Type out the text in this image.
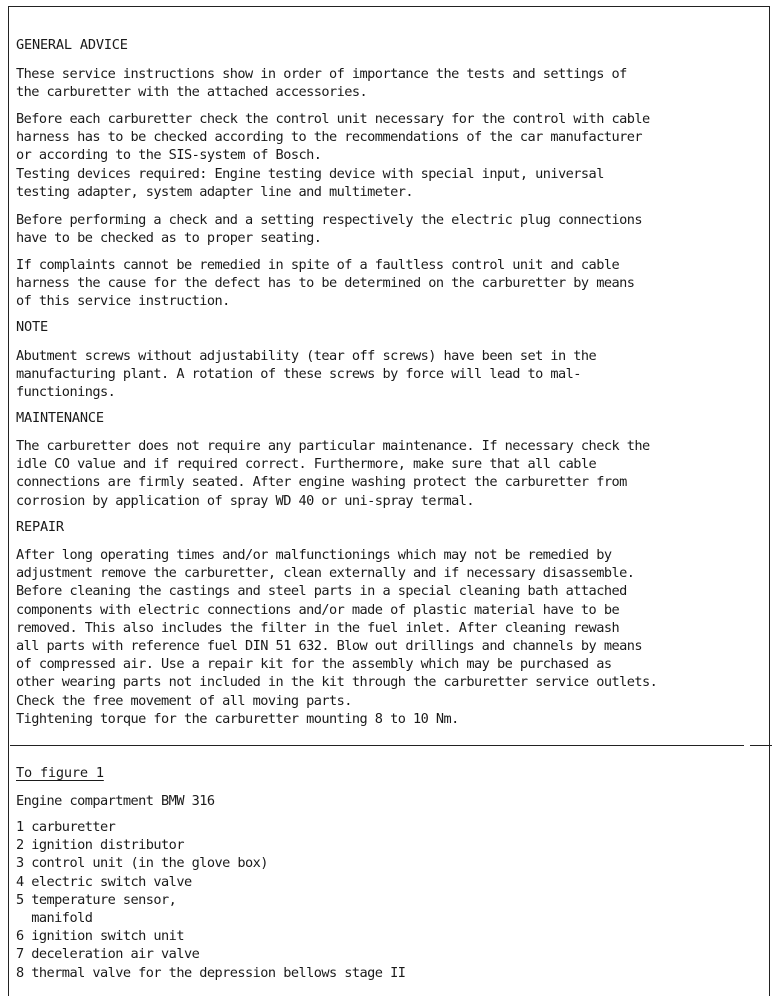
GENERAL ADVICE

These service instructions show in order of importance the tests and settings of
the carburetter with the attached accessories.

Before each carburetter check the control unit necessary for the control with cable
harness has to be checked according to the recommendations of the car manufacturer
or according to the SIS-system of Bosch.
Testing devices required: Engine testing device with special input, universal
testing adapter, system adapter line and multimeter.

Before performing a check and a setting respectively the electric plug connections
have to be checked as to proper seating.

If complaints cannot be remedied in spite of a faultless control unit and cable
harness the cause for the defect has to be determined on the carburetter by means
of this service instruction.

NOTE

Abutment screws without adjustability (tear off screws) have been set in the
manufacturing plant. A rotation of these screws by force will lead to mal-
functionings.

MAINTENANCE

The carburetter does not require any particular maintenance. If necessary check the
idle CO value and if required correct. Furthermore, make sure that all cable
connections are firmly seated. After engine washing protect the carburetter from
corrosion by application of spray WD 40 or uni-spray termal.

REPAIR

After long operating times and/or malfunctionings which may not be remedied by
adjustment remove the carburetter, clean externally and if necessary disassemble.
Before cleaning the castings and steel parts in a special cleaning bath attached
components with electric connections and/or made of plastic material have to be
removed. This also includes the filter in the fuel inlet. After cleaning rewash
all parts with reference fuel DIN 51 632. Blow out drillings and channels by means
of compressed air. Use a repair kit for the assembly which may be purchased as
other wearing parts not included in the kit through the carburetter service outlets.
Check the free movement of all moving parts.
Tightening torque for the carburetter mounting 8 to 10 Nm.

To figure 1

Engine compartment BMW 316

1 carburetter
2 ignition distributor
3 control unit (in the glove box)
4 electric switch valve
5 temperature sensor,
manifold
6 ignition switch unit
7 deceleration air valve
8 thermal valve for the depression bellows stage II
